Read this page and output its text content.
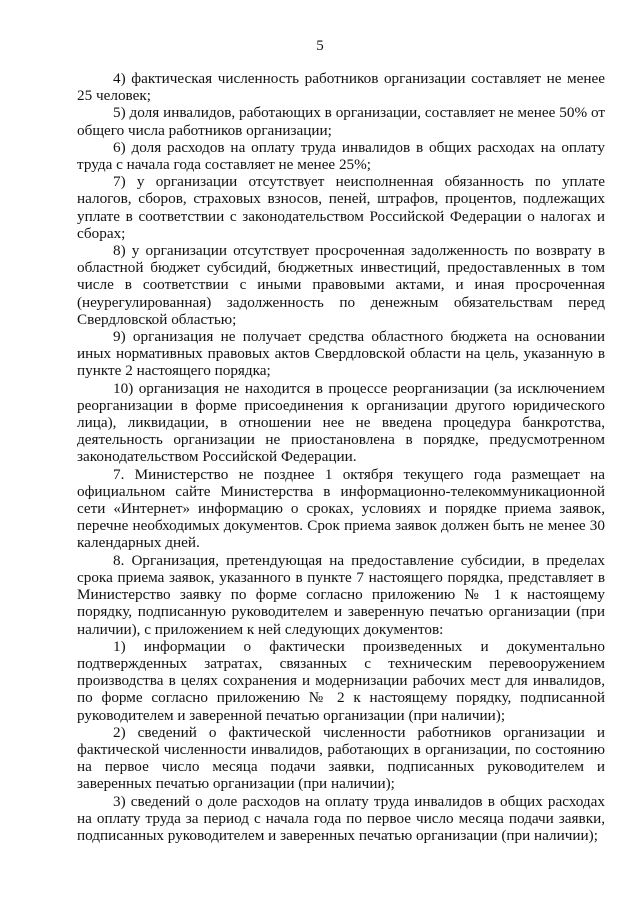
5

4) фактическая численность работников организации составляет не менее 25 человек;

5) доля инвалидов, работающих в организации, составляет не менее 50% от общего числа работников организации;

6) доля расходов на оплату труда инвалидов в общих расходах на оплату труда с начала года составляет не менее 25%;

7) у организации отсутствует неисполненная обязанность по уплате налогов, сборов, страховых взносов, пеней, штрафов, процентов, подлежащих уплате в соответствии с законодательством Российской Федерации о налогах и сборах;

8) у организации отсутствует просроченная задолженность по возврату в областной бюджет субсидий, бюджетных инвестиций, предоставленных в том числе в соответствии с иными правовыми актами, и иная просроченная (неурегулированная) задолженность по денежным обязательствам перед Свердловской областью;

9) организация не получает средства областного бюджета на основании иных нормативных правовых актов Свердловской области на цель, указанную в пункте 2 настоящего порядка;

10) организация не находится в процессе реорганизации (за исключением реорганизации в форме присоединения к организации другого юридического лица), ликвидации, в отношении нее не введена процедура банкротства, деятельность организации не приостановлена в порядке, предусмотренном законодательством Российской Федерации.

7. Министерство не позднее 1 октября текущего года размещает на официальном сайте Министерства в информационно-телекоммуникационной сети «Интернет» информацию о сроках, условиях и порядке приема заявок, перечне необходимых документов. Срок приема заявок должен быть не менее 30 календарных дней.

8. Организация, претендующая на предоставление субсидии, в пределах срока приема заявок, указанного в пункте 7 настоящего порядка, представляет в Министерство заявку по форме согласно приложению № 1 к настоящему порядку, подписанную руководителем и заверенную печатью организации (при наличии), с приложением к ней следующих документов:

1) информации о фактически произведенных и документально подтвержденных затратах, связанных с техническим перевооружением производства в целях сохранения и модернизации рабочих мест для инвалидов, по форме согласно приложению № 2 к настоящему порядку, подписанной руководителем и заверенной печатью организации (при наличии);

2) сведений о фактической численности работников организации и фактической численности инвалидов, работающих в организации, по состоянию на первое число месяца подачи заявки, подписанных руководителем и заверенных печатью организации (при наличии);

3) сведений о доле расходов на оплату труда инвалидов в общих расходах на оплату труда за период с начала года по первое число месяца подачи заявки, подписанных руководителем и заверенных печатью организации (при наличии);
